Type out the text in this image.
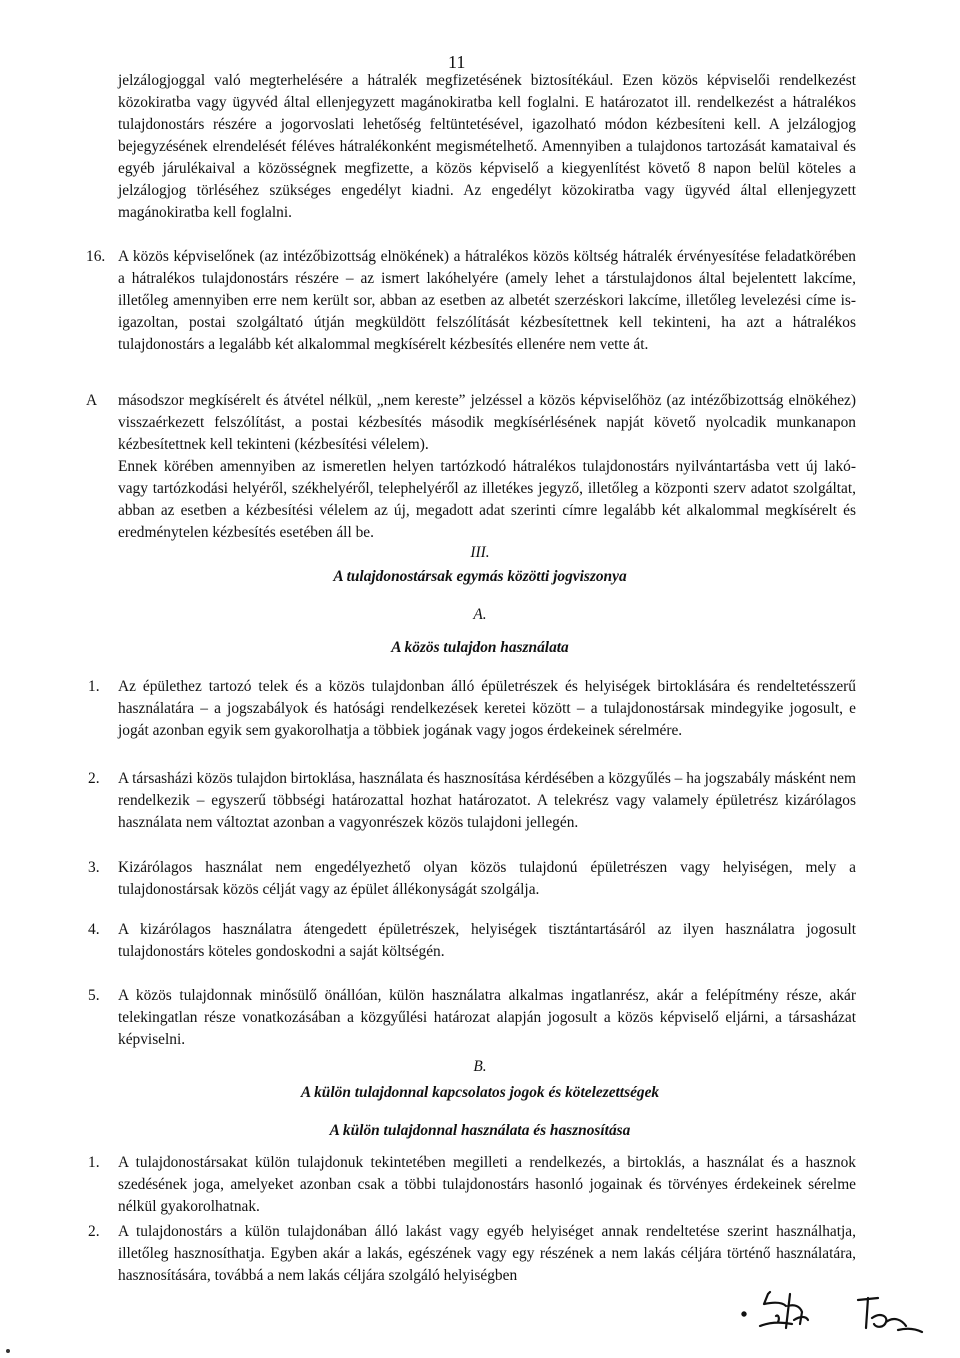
11
jelzálogjoggal való megterhelésére a hátralék megfizetésének biztosítékául. Ezen közös képviselői rendelkezést közokiratba vagy ügyvéd által ellenjegyzett magánokiratba kell foglalni. E határozatot ill. rendelkezést a hátralékos tulajdonostárs részére a jogorvoslati lehetőség feltüntetésével, igazolható módon kézbesíteni kell. A jelzálogjog bejegyzésének elrendelését féléves hátralékonként megismételhető. Amennyiben a tulajdonos tartozását kamataival és egyéb járulékaival a közösségnek megfizette, a közös képviselő a kiegyenlítést követő 8 napon belül köteles a jelzálogjog törléséhez szükséges engedélyt kiadni. Az engedélyt közokiratba vagy ügyvéd által ellenjegyzett magánokiratba kell foglalni.
16. A közös képviselőnek (az intézőbizottság elnökének) a hátralékos közös költség hátralék érvényesítése feladatkörében a hátralékos tulajdonostárs részére – az ismert lakóhelyére (amely lehet a társtulajdonos által bejelentett lakcíme, illetőleg amennyiben erre nem került sor, abban az esetben az albetét szerzéskori lakcíme, illetőleg levelezési címe is- igazoltan, postai szolgáltató útján megküldött felszólítását kézbesítettnek kell tekinteni, ha azt a hátralékos tulajdonostárs a legalább két alkalommal megkísérelt kézbesítés ellenére nem vette át.
A másodszor megkísérelt és átvétel nélkül, „nem kereste” jelzéssel a közös képviselőhöz (az intézőbizottság elnökéhez) visszaérkezett felszólítást, a postai kézbesítés második megkísérlésének napját követő nyolcadik munkanapon kézbesítettnek kell tekinteni (kézbesítési vélelem).
Ennek körében amennyiben az ismeretlen helyen tartózkodó hátralékos tulajdonostárs nyilvántartásba vett új lakó- vagy tartózkodási helyéről, székhelyéről, telephelyéről az illetékes jegyző, illetőleg a központi szerv adatot szolgáltat, abban az esetben a kézbesítési vélelem az új, megadott adat szerinti címre legalább két alkalommal megkísérelt és eredménytelen kézbesítés esetében áll be.
III.
A tulajdonostársak egymás közötti jogviszonya
A.
A közös tulajdon használata
1. Az épülethez tartozó telek és a közös tulajdonban álló épületrészek és helyiségek birtoklására és rendeltetésszerű használatára – a jogszabályok és hatósági rendelkezések keretei között – a tulajdonostársak mindegyike jogosult, e jogát azonban egyik sem gyakorolhatja a többiek jogának vagy jogos érdekeinek sérelmére.
2. A társasházi közös tulajdon birtoklása, használata és hasznosítása kérdésében a közgyűlés – ha jogszabály másként nem rendelkezik – egyszerű többségi határozattal hozhat határozatot. A telekrész vagy valamely épületrész kizárólagos használata nem változtat azonban a vagyonrészek közös tulajdoni jellegén.
3. Kizárólagos használat nem engedélyezhető olyan közös tulajdonú épületrészen vagy helyiségen, mely a tulajdonostársak közös célját vagy az épület állékonyságát szolgálja.
4. A kizárólagos használatra átengedett épületrészek, helyiségek tisztántartásáról az ilyen használatra jogosult tulajdonostárs köteles gondoskodni a saját költségén.
5. A közös tulajdonnak minősülő önállóan, külön használatra alkalmas ingatlanrész, akár a felépítmény része, akár telekingatlan része vonatkozásában a közgyűlési határozat alapján jogosult a közös képviselő eljárni, a társasházat képviselni.
B.
A külön tulajdonnal kapcsolatos jogok és kötelezettségek
A külön tulajdonnal használata és hasznosítása
1. A tulajdonostársakat külön tulajdonuk tekintetében megilleti a rendelkezés, a birtoklás, a használat és a hasznok szedésének joga, amelyeket azonban csak a többi tulajdonostárs hasonló jogainak és törvényes érdekeinek sérelme nélkül gyakorolhatnak.
2. A tulajdonostárs a külön tulajdonában álló lakást vagy egyéb helyiséget annak rendeltetése szerint használhatja, illetőleg hasznosíthatja. Egyben akár a lakás, egészének vagy egy részének a nem lakás céljára történő használatára, hasznosítására, továbbá a nem lakás céljára szolgáló helyiségben
